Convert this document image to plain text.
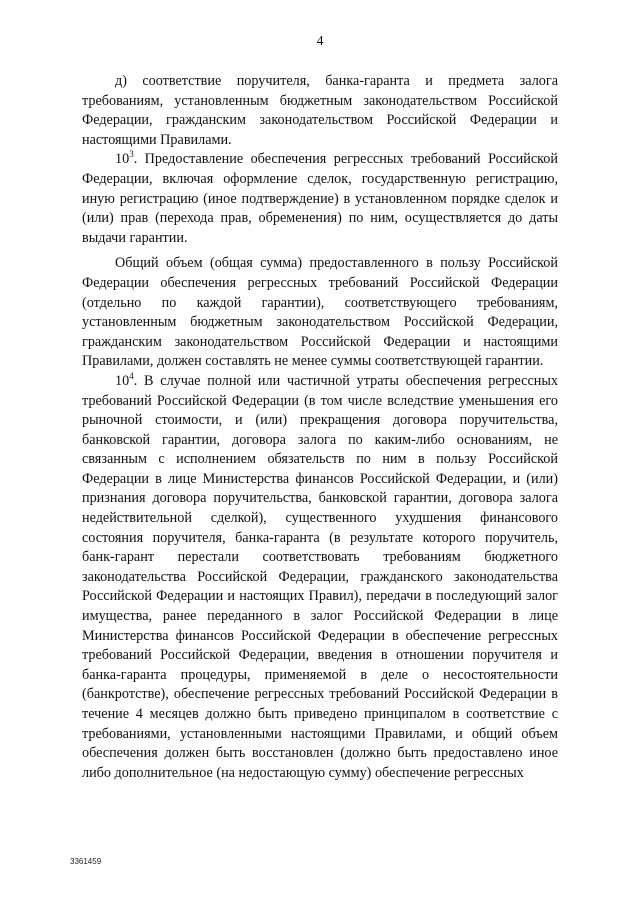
4

д) соответствие поручителя, банка-гаранта и предмета залога требованиям, установленным бюджетным законодательством Российской Федерации, гражданским законодательством Российской Федерации и настоящими Правилами.

$10^3$. Предоставление обеспечения регрессных требований Российской Федерации, включая оформление сделок, государственную регистрацию, иную регистрацию (иное подтверждение) в установленном порядке сделок и (или) прав (перехода прав, обременения) по ним, осуществляется до даты выдачи гарантии.

Общий объем (общая сумма) предоставленного в пользу Российской Федерации обеспечения регрессных требований Российской Федерации (отдельно по каждой гарантии), соответствующего требованиям, установленным бюджетным законодательством Российской Федерации, гражданским законодательством Российской Федерации и настоящими Правилами, должен составлять не менее суммы соответствующей гарантии.

$10^4$. В случае полной или частичной утраты обеспечения регрессных требований Российской Федерации (в том числе вследствие уменьшения его рыночной стоимости, и (или) прекращения договора поручительства, банковской гарантии, договора залога по каким-либо основаниям, не связанным с исполнением обязательств по ним в пользу Российской Федерации в лице Министерства финансов Российской Федерации, и (или) признания договора поручительства, банковской гарантии, договора залога недействительной сделкой), существенного ухудшения финансового состояния поручителя, банка-гаранта (в результате которого поручитель, банк-гарант перестали соответствовать требованиям бюджетного законодательства Российской Федерации, гражданского законодательства Российской Федерации и настоящих Правил), передачи в последующий залог имущества, ранее переданного в залог Российской Федерации в лице Министерства финансов Российской Федерации в обеспечение регрессных требований Российской Федерации, введения в отношении поручителя и банка-гаранта процедуры, применяемой в деле о несостоятельности (банкротстве), обеспечение регрессных требований Российской Федерации в течение 4 месяцев должно быть приведено принципалом в соответствие с требованиями, установленными настоящими Правилами, и общий объем обеспечения должен быть восстановлен (должно быть предоставлено иное либо дополнительное (на недостающую сумму) обеспечение регрессных

3361459
